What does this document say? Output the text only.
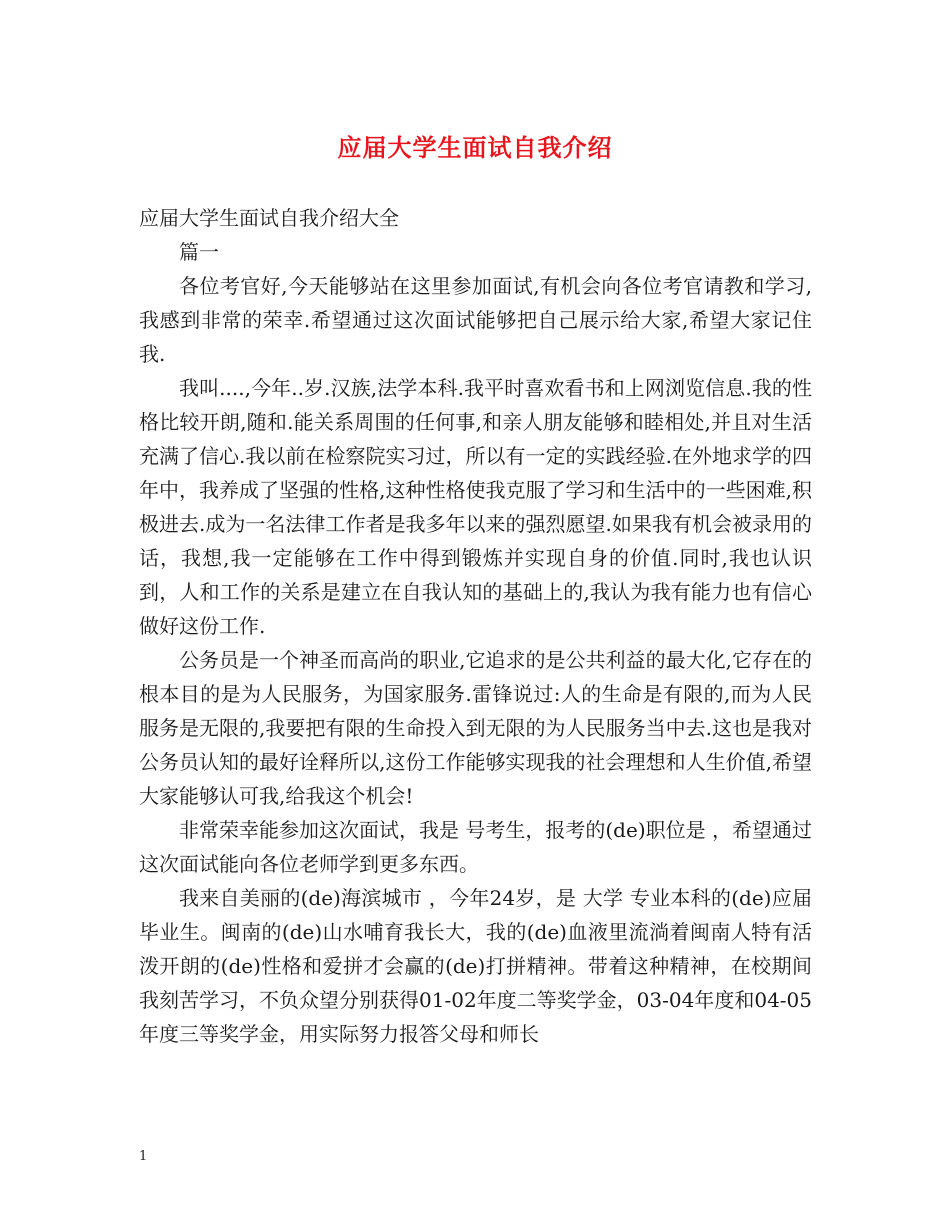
应届大学生面试自我介绍

应届大学生面试自我介绍大全

篇一

各位考官好,今天能够站在这里参加面试,有机会向各位考官请教和学习,我感到非常的荣幸.希望通过这次面试能够把自己展示给大家,希望大家记住我.

我叫....,今年..岁.汉族,法学本科.我平时喜欢看书和上网浏览信息.我的性格比较开朗,随和.能关系周围的任何事,和亲人朋友能够和睦相处,并且对生活充满了信心.我以前在检察院实习过，所以有一定的实践经验.在外地求学的四年中，我养成了坚强的性格,这种性格使我克服了学习和生活中的一些困难,积极进去.成为一名法律工作者是我多年以来的强烈愿望.如果我有机会被录用的话，我想,我一定能够在工作中得到锻炼并实现自身的价值.同时,我也认识到，人和工作的关系是建立在自我认知的基础上的,我认为我有能力也有信心做好这份工作.

公务员是一个神圣而高尚的职业,它追求的是公共利益的最大化,它存在的根本目的是为人民服务，为国家服务.雷锋说过:人的生命是有限的,而为人民服务是无限的,我要把有限的生命投入到无限的为人民服务当中去.这也是我对公务员认知的最好诠释所以,这份工作能够实现我的社会理想和人生价值,希望大家能够认可我,给我这个机会!

非常荣幸能参加这次面试，我是 号考生，报考的(de)职位是 ，希望通过这次面试能向各位老师学到更多东西。

我来自美丽的(de)海滨城市 ，今年24岁，是 大学 专业本科的(de)应届毕业生。闽南的(de)山水哺育我长大，我的(de)血液里流淌着闽南人特有活泼开朗的(de)性格和爱拼才会赢的(de)打拼精神。带着这种精神，在校期间我刻苦学习，不负众望分别获得01-02年度二等奖学金，03-04年度和04-05年度三等奖学金，用实际努力报答父母和师长

1
